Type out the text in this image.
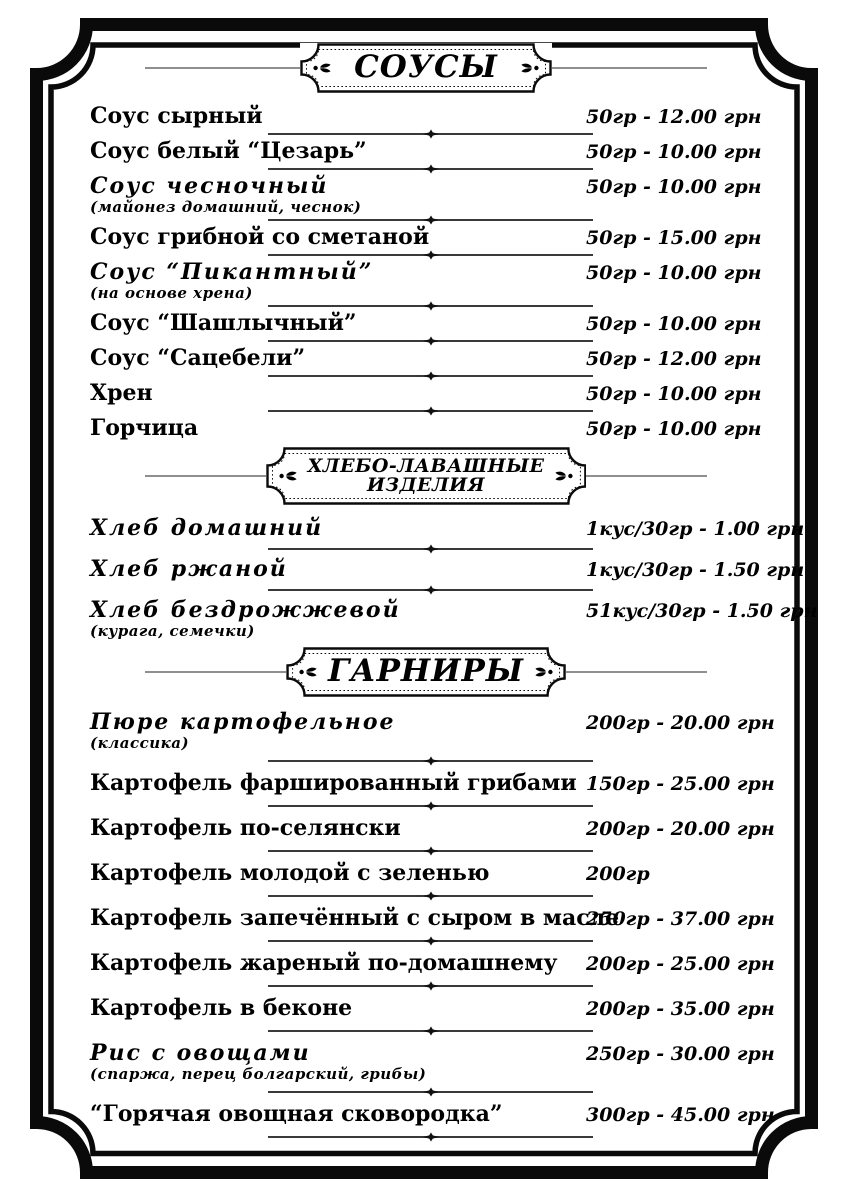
СОУСЫ
Соус сырный	50гр - 12.00 грн
Соус белый “Цезарь”	50гр - 10.00 грн
Соус чесночный
(майонез домашний, чеснок)
50гр - 10.00 грн
Соус грибной со сметаной	50гр - 15.00 грн
Соус “Пикантный”
(на основе хрена)
50гр - 10.00 грн
Соус “Шашлычный”	50гр - 10.00 грн
Соус “Сацебели”	50гр - 12.00 грн
Хрен	50гр - 10.00 грн
Горчица	50гр - 10.00 грн
ХЛЕБО-ЛАВАШНЫЕ
ИЗДЕЛИЯ
Хлеб домашний	1кус/30гр - 1.00 грн
Хлеб ржаной	1кус/30гр - 1.50 грн
Хлеб бездрожжевой
(курага, семечки)
51кус/30гр - 1.50 грн
ГАРНИРЫ
Пюре картофельное
(классика)
200гр - 20.00 грн
Картофель фаршированный грибами 150гр - 25.00 грн
Картофель по-селянски	200гр - 20.00 грн
Картофель молодой с зеленью	200гр
Картофель запечённый с сыром в масле
250гр - 37.00 грн
Картофель жареный по-домашнему	200гр - 25.00 грн
Картофель в беконе	200гр - 35.00 грн
Рис с овощами
(спаржа, перец болгарский, грибы)
250гр - 30.00 грн
“Горячая овощная сковородка”	300гр - 45.00 грн
